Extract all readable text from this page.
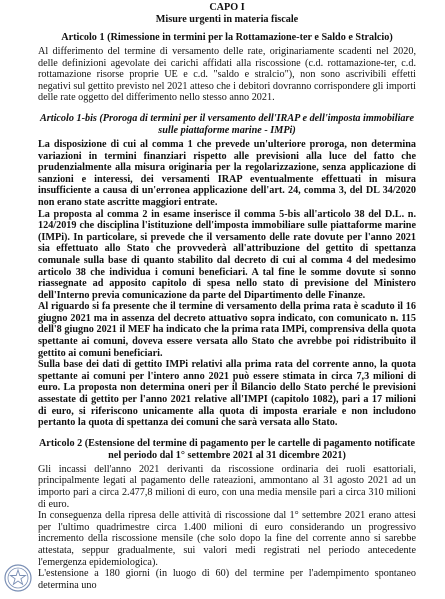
CAPO I

Misure urgenti in materia fiscale

Articolo 1 (Rimessione in termini per la Rottamazione-ter e Saldo e Stralcio)

Al differimento del termine di versamento delle rate, originariamente scadenti nel 2020, delle definizioni agevolate dei carichi affidati alla riscossione (c.d. rottamazione-ter, c.d. rottamazione risorse proprie UE e c.d. "saldo e stralcio"), non sono ascrivibili effetti negativi sul gettito previsto nel 2021 atteso che i debitori dovranno corrispondere gli importi delle rate oggetto del differimento nello stesso anno 2021.

Articolo 1-bis (Proroga di termini per il versamento dell'IRAP e dell'imposta immobiliare sulle piattaforme marine - IMPi)

La disposizione di cui al comma 1 che prevede un'ulteriore proroga, non determina variazioni in termini finanziari rispetto alle previsioni alla luce del fatto che prudenzialmente alla misura originaria per la regolarizzazione, senza applicazione di sanzioni e interessi, dei versamenti IRAP eventualmente effettuati in misura insufficiente a causa di un'erronea applicazione dell'art. 24, comma 3, del DL 34/2020 non erano state ascritte maggiori entrate.

La proposta al comma 2 in esame inserisce il comma 5-bis all'articolo 38 del D.L. n. 124/2019 che disciplina l'istituzione dell'imposta immobiliare sulle piattaforme marine (IMPi). In particolare, si prevede che il versamento delle rate dovute per l'anno 2021 sia effettuato allo Stato che provvederà all'attribuzione del gettito di spettanza comunale sulla base di quanto stabilito dal decreto di cui al comma 4 del medesimo articolo 38 che individua i comuni beneficiari. A tal fine le somme dovute si sonno riassegnate ad apposito capitolo di spesa nello stato di previsione del Ministero dell'Interno previa comunicazione da parte del Dipartimento delle Finanze.

Al riguardo si fa presente che il termine di versamento della prima rata è scaduto il 16 giugno 2021 ma in assenza del decreto attuativo sopra indicato, con comunicato n. 115 dell'8 giugno 2021 il MEF ha indicato che la prima rata IMPi, comprensiva della quota spettante ai comuni, doveva essere versata allo Stato che avrebbe poi ridistribuito il gettito ai comuni beneficiari.

Sulla base dei dati di gettito IMPi relativi alla prima rata del corrente anno, la quota spettante ai comuni per l'intero anno 2021 può essere stimata in circa 7,3 milioni di euro. La proposta non determina oneri per il Bilancio dello Stato perché le previsioni assestate di gettito per l'anno 2021 relative all'IMPI (capitolo 1082), pari a 17 milioni di euro, si riferiscono unicamente alla quota di imposta erariale e non includono pertanto la quota di spettanza dei comuni che sarà versata allo Stato.

Articolo 2 (Estensione del termine di pagamento per le cartelle di pagamento notificate nel periodo dal 1° settembre 2021 al 31 dicembre 2021)

Gli incassi dell'anno 2021 derivanti da riscossione ordinaria dei ruoli esattoriali, principalmente legati al pagamento delle rateazioni, ammontano al 31 agosto 2021 ad un importo pari a circa 2.477,8 milioni di euro, con una media mensile pari a circa 310 milioni di euro.

In conseguenza della ripresa delle attività di riscossione dal 1° settembre 2021 erano attesi per l'ultimo quadrimestre circa 1.400 milioni di euro considerando un progressivo incremento della riscossione mensile (che solo dopo la fine del corrente anno si sarebbe attestata, seppur gradualmente, sui valori medi registrati nel periodo antecedente l'emergenza epidemiologica).

L'estensione a 180 giorni (in luogo di 60) del termine per l'adempimento spontaneo determina uno
